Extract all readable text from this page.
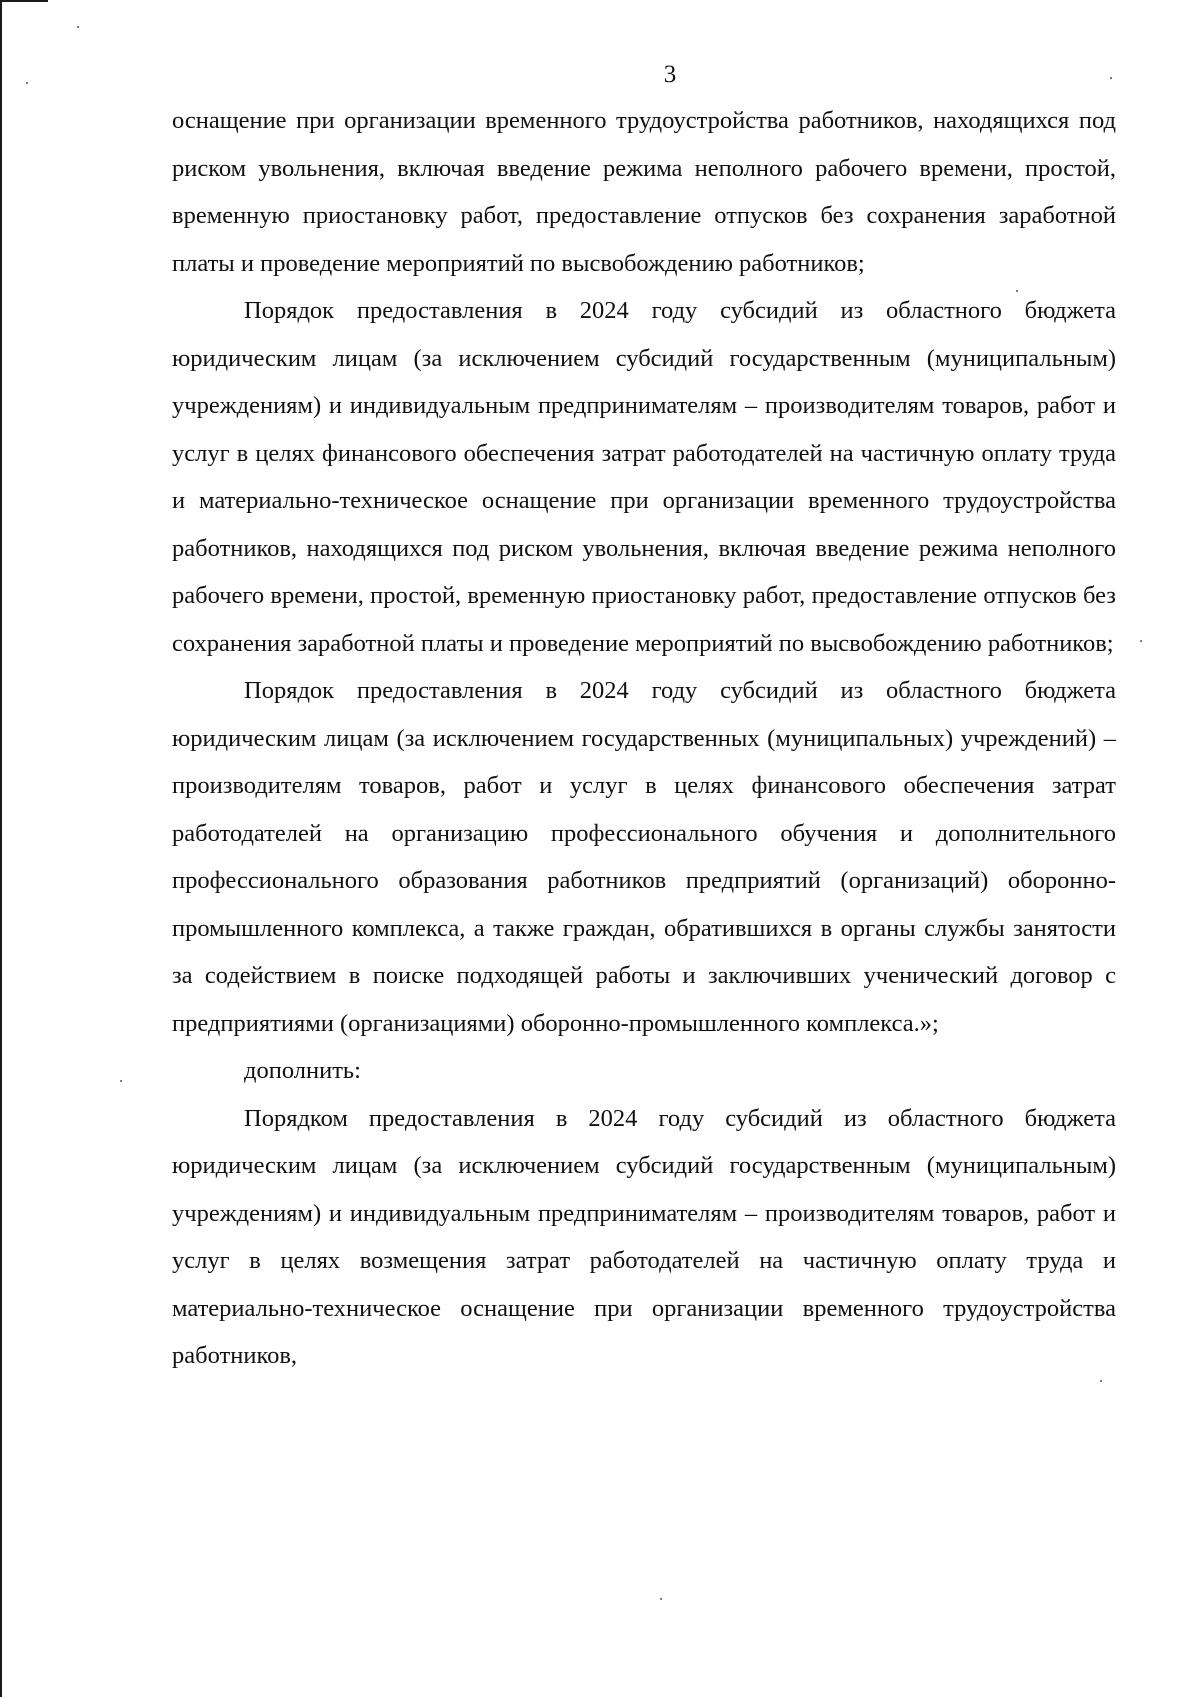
3

оснащение при организации временного трудоустройства работников, находящихся под риском увольнения, включая введение режима неполного рабочего времени, простой, временную приостановку работ, предоставление отпусков без сохранения заработной платы и проведение мероприятий по высвобождению работников;

Порядок предоставления в 2024 году субсидий из областного бюджета юридическим лицам (за исключением субсидий государственным (муниципальным) учреждениям) и индивидуальным предпринимателям – производителям товаров, работ и услуг в целях финансового обеспечения затрат работодателей на частичную оплату труда и материально-техническое оснащение при организации временного трудоустройства работников, находящихся под риском увольнения, включая введение режима неполного рабочего времени, простой, временную приостановку работ, предоставление отпусков без сохранения заработной платы и проведение мероприятий по высвобождению работников;

Порядок предоставления в 2024 году субсидий из областного бюджета юридическим лицам (за исключением государственных (муниципальных) учреждений) – производителям товаров, работ и услуг в целях финансового обеспечения затрат работодателей на организацию профессионального обучения и дополнительного профессионального образования работников предприятий (организаций) оборонно-промышленного комплекса, а также граждан, обратившихся в органы службы занятости за содействием в поиске подходящей работы и заключивших ученический договор с предприятиями (организациями) оборонно-промышленного комплекса.»;

дополнить:

Порядком предоставления в 2024 году субсидий из областного бюджета юридическим лицам (за исключением субсидий государственным (муниципальным) учреждениям) и индивидуальным предпринимателям – производителям товаров, работ и услуг в целях возмещения затрат работодателей на частичную оплату труда и материально-техническое оснащение при организации временного трудоустройства работников,
